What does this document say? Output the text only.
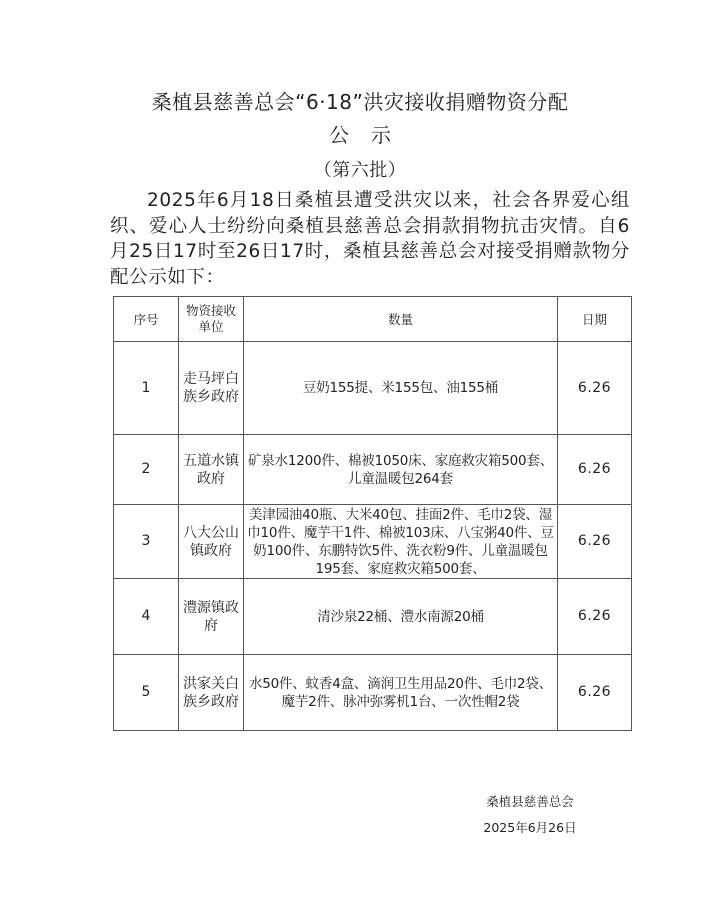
桑植县慈善总会“6·18”洪灾接收捐赠物资分配
公示
（第六批）

2025年6月18日桑植县遭受洪灾以来，社会各界爱心组织、爱心人士纷纷向桑植县慈善总会捐款捐物抗击灾情。自6月25日17时至26日17时，桑植县慈善总会对接受捐赠款物分配公示如下：

序号	物资接收单位	数量	日期
1	走马坪白族乡政府	豆奶155提、米155包、油155桶	6.26
2	五道水镇政府	矿泉水1200件、棉被1050床、家庭救灾箱500套、儿童温暖包264套	6.26
3	八大公山镇政府	美津园油40瓶、大米40包、挂面2件、毛巾2袋、湿巾10件、魔芋干1件、棉被103床、八宝粥40件、豆奶100件、东鹏特饮5件、洗衣粉9件、儿童温暖包195套、家庭救灾箱500套、	6.26
4	澧源镇政府	清沙泉22桶、澧水南源20桶	6.26
5	洪家关白族乡政府	水50件、蚊香4盒、滴润卫生用品20件、毛巾2袋、魔芋2件、脉冲弥雾机1台、一次性帽2袋	6.26
桑植县慈善总会
2025年6月26日
